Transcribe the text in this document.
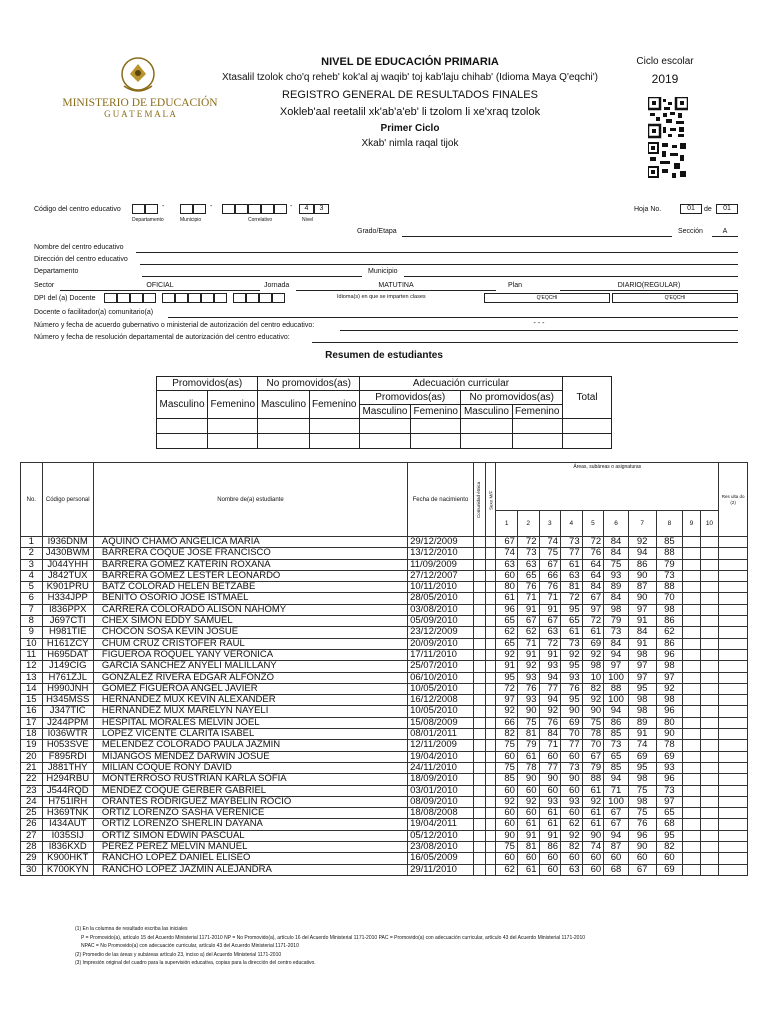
MINISTERIO DE EDUCACIÓN
G U A T E M A L A
NIVEL DE EDUCACIÓN PRIMARIA
Xtasalil tzolok cho'q reheb' kok'al aj waqib' toj kab'laju chihab' (Idioma Maya Q'eqchi')
REGISTRO GENERAL DE RESULTADOS FINALES
Xokleb'aal reetalil xk'ab'a'eb' li tzolom li xe'xraq tzolok
Primer Ciclo
Xkab' nimla raqal tijok
Ciclo escolar
2019
Código del centro educativo	-	-	-	4	3
Departamento	Municipio	Correlativo	Nivel
Hoja No.	01	de	01
Grado/Etapa	Sección	A
Nombre del centro educativo
Dirección del centro educativo
Departamento	Municipio
Sector	OFICIAL	Jornada	MATUTINA	Plan	DIARIO(REGULAR)
DPI del (a) Docente	Idioma(s) en que se imparten clases	Q'EQCHI	Q'EQCHI
Docente o facilitador(a) comunitario(a)
Número y fecha de acuerdo gubernativo o ministerial de autorización del centro educativo:	- - -
Número y fecha de resolución departamental de autorización del centro educativo:
Resumen de estudiantes
Promovidos(as)		No promovidos(as)		Adecuación curricular				Total
Masculino	Femenino	Masculino	Femenino	Promovidos(as)		No promovidos(as)		
				Masculino	Femenino	Masculino	Femenino	

No.	Código personal	Nombre de(a) estudiante	Fecha de nacimiento	Comunidad étnica	Sexo M/F	Áreas, subáreas o asignaturas										Res ulta do (2)
						1	2	3	4	5	6	7	8	9	10	
1	I936DNM	AQUINO CHAMO ANGELICA MARIA	29/12/2009			67	72	74	73	72	84	92	85			
2	J430BWM	BARRERA COQUE JOSE FRANCISCO	13/12/2010			74	73	75	77	76	84	94	88			
3	J044YHH	BARRERA GOMEZ KATERIN ROXANA	11/09/2009			63	63	67	61	64	75	86	79			
4	J842TUX	BARRERA GOMEZ LESTER LEONARDO	27/12/2007			60	65	66	63	64	93	90	73			
5	K901PRU	BATZ COLORAD HELEN BETZABE	10/11/2010			80	76	76	81	84	89	87	88			
6	H334JPP	BENITO OSORIO JOSE ISTMAEL	28/05/2010			61	71	71	72	67	84	90	70			
7	I836PPX	CARRERA COLORADO ALISON NAHOMY	03/08/2010			96	91	91	95	97	98	97	98			
8	J697CTI	CHEX SIMON EDDY SAMUEL	05/09/2010			65	67	67	65	72	79	91	86			
9	H981TIE	CHOCON SOSA KEVIN JOSUE	23/12/2009			62	62	63	61	61	73	84	62			
10	H161ZCY	CHUM CRUZ CRISTOFER RAUL	20/09/2010			65	71	72	73	69	84	91	86			
11	H695DAT	FIGUEROA ROQUEL YANY VERONICA	17/11/2010			92	91	91	92	92	94	98	96			
12	J149CIG	GARCIA SANCHEZ ANYELI MALILLANY	25/07/2010			91	92	93	95	98	97	97	98			
13	H761ZJL	GONZALEZ RIVERA EDGAR ALFONZO	06/10/2010			95	93	94	93	10	100	97	97			
14	H990JNH	GOMEZ FIGUEROA ANGEL JAVIER	10/05/2010			72	76	77	76	82	88	95	92			
15	H345MSS	HERNANDEZ MUX KEVIN ALEXANDER	16/12/2008			97	93	94	95	92	100	98	98			
16	J347TIC	HERNANDEZ MUX MARELYN NAYELI	10/05/2010			92	90	92	90	90	94	98	96			
17	J244PPM	HESPITAL MORALES MELVIN JOEL	15/08/2009			66	75	76	69	75	86	89	80			
18	I036WTR	LOPEZ VICENTE CLARITA ISABEL	08/01/2011			82	81	84	70	78	85	91	90			
19	H053SVE	MELENDEZ COLORADO PAULA JAZMIN	12/11/2009			75	79	71	77	70	73	74	78			
20	F895RDI	MIJANGOS MENDEZ DARWIN JOSUE	19/04/2010			60	61	60	60	67	65	69	69			
21	J881THY	MILIAN COQUE RONY DAVID	24/11/2010			75	78	77	73	79	85	95	93			
22	H294RBU	MONTERROSO RUSTRIAN KARLA SOFIA	18/09/2010			85	90	90	90	88	94	98	96			
23	J544RQD	MENDEZ COQUE GERBER GABRIEL	03/01/2010			60	60	60	60	61	71	75	73			
24	H751IRH	ORANTES RODRIGUEZ MAYBELIN ROCIO	08/09/2010			92	92	93	93	92	100	98	97			
25	H369TNK	ORTIZ LORENZO SASHA VERENICE	18/08/2008			60	60	61	60	61	67	75	65			
26	I434AUT	ORTIZ LORENZO SHERLIN DAYANA	19/04/2011			60	61	61	62	61	67	76	68			
27	I035SIJ	ORTIZ SIMON EDWIN PASCUAL	05/12/2010			90	91	91	92	90	94	96	95			
28	I836KXD	PEREZ PEREZ MELVIN MANUEL	23/08/2010			75	81	86	82	74	87	90	82			
29	K900HKT	RANCHO LOPEZ DANIEL ELISEO	16/05/2009			60	60	60	60	60	60	60	60			
30	K700KYN	RANCHO LOPEZ JAZMIN ALEJANDRA	29/11/2010			62	61	60	63	60	68	67	69			
(1) En la columna de resultado escriba las iniciales
P = Promovido(a), artículo 15 del Acuerdo Ministerial 1171-2010 NP = No Promovido(a), artículo 16 del Acuerdo Ministerial 1171-2010 PAC = Promovido(a) con adecuación curricular, artículo 43 del Acuerdo Ministerial 1171-2010
NPAC = No Promovido(a) con adecuación curricular, artículo 43 del Acuerdo Ministerial 1171-2010
(2) Promedio de las áreas y subáreas artículo 23, inciso a) del Acuerdo Ministerial 1171-2010
(3) Impresión original del cuadro para la supervisión educativa, copias para la dirección del centro educativo.
